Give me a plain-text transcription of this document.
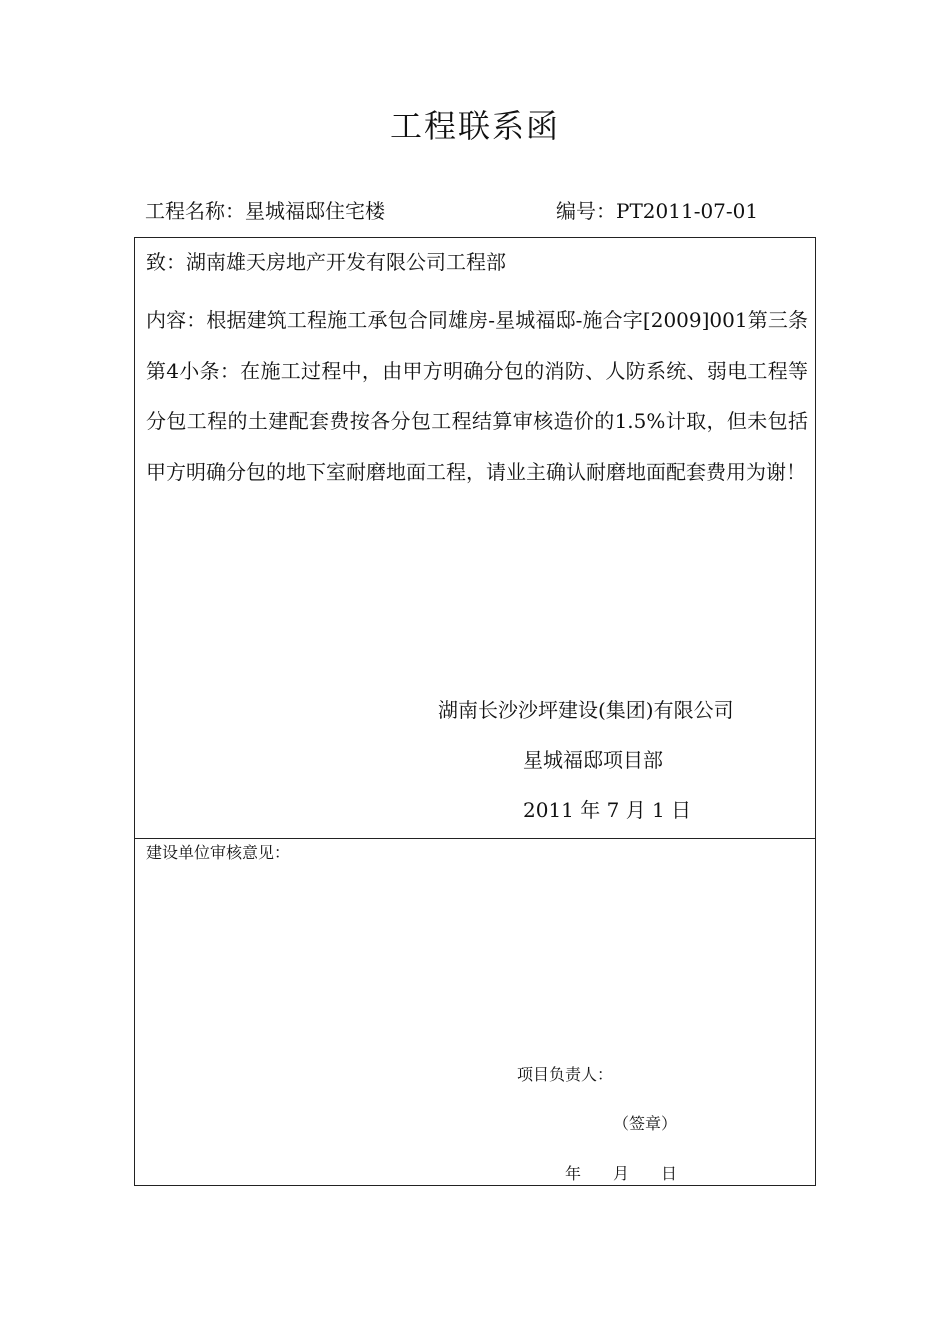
工程联系函
工程名称：星城福邸住宅楼	编号：PT2011-07-01
致：湖南雄天房地产开发有限公司工程部
内容：根据建筑工程施工承包合同雄房-星城福邸-施合字[2009]001第三条第4小条：在施工过程中，由甲方明确分包的消防、人防系统、弱电工程等分包工程的土建配套费按各分包工程结算审核造价的1.5%计取，但未包括甲方明确分包的地下室耐磨地面工程，请业主确认耐磨地面配套费用为谢！
湖南长沙沙坪建设(集团)有限公司
星城福邸项目部
2011 年 7 月 1 日
建设单位审核意见：
项目负责人：
（签章）
年　　月　　日
